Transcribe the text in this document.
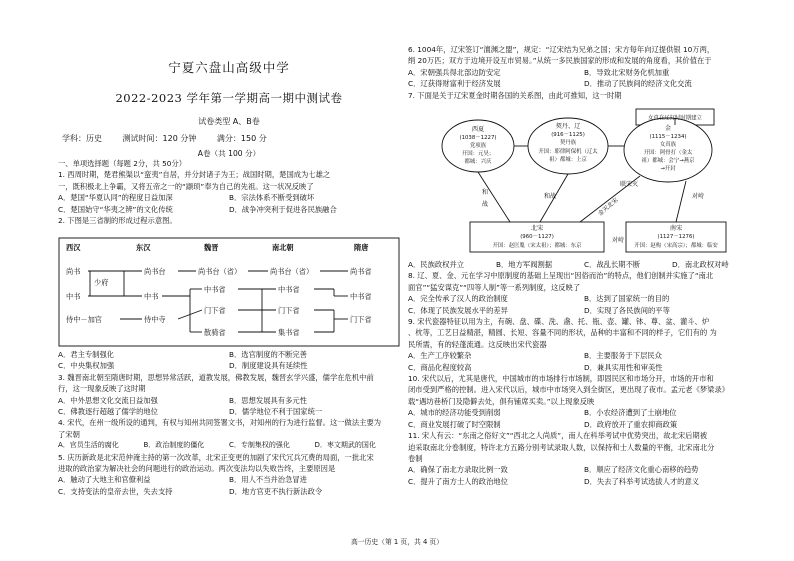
宁夏六盘山高级中学
2022-2023 学年第一学期高一期中测试卷
试卷类型 A、B卷
学科：历史	测试时间：120 分钟	满分：150 分
A卷（共 100 分）
一、单项选择题（每题 2分，共 50分）
1. 西周时期，楚君熊渠以“蛮夷”自居，并分封诸子为王；战国时期，楚国成为七雄之
一，既积极北上争霸，又将五帝之一的“颛顼”奉为自己的先祖。这一状况反映了
A．楚国“华夏认同”的程度日益加深	B．宗法体系不断受到破坏
C．楚国始守“华夷之辨”的文化传统	D．战争冲突利于促进各民族融合
2. 下图是三省制的形成过程示意图。
西汉	东汉	魏晋	南北朝	隋唐
尚书
少府
中书
侍中－加官
尚书台
中书
侍中寺
尚书台（省）
中书省
门下省
散骑省
尚书台（省）
中书省
门下省
集书省
尚书省
中书省
门下省
A．君主专制强化	B．选官制度的不断完善
C．中央集权加强	D．制度建设具有延续性
3. 魏晋南北朝至隋唐时期，思想异常活跃，道教发展，佛教发展，魏晋玄学兴盛，儒学在危机中前
行，这一现象反映了这时期
A．中外思想文化交流日益加强	B．思想发展具有多元性
C．佛教逐行超越了儒学的地位	D．儒学地位不利于国家统一
4. 宋代，在州一级所设的通判，有权与知州共同签署文书，对知州的行为进行监督。这一做法主要为
了宋朝
A．官员生活的腐化	B．政治制度的僵化	C．专制集权的强化	D．枣文期武的国化
5. 庆历新政是北宋范仲淹主持的第一次改革，北宋正变更的加剧了宋代冗兵冗费的局面，一批北宋
进取的政治家为解决社会的问题进行的政治运动。两次变法均以失败告终，主要原因是
A．触动了大地主和官僚利益	B．用人不当并治急冒进
C．支持变法的皇帝去世，失去支持	D．地方官吏不执行新法政令
6. 1004年，辽宋签订“澶渊之盟”，规定：“辽宋结为兄弟之国；宋方每年向辽提供银 10万两，
绢 20万匹；双方于边境开设互市贸易。”从统一多民族国家的形成和发展的角度看，其价值在于
A．宋朝强兵得北部边防安定	B．导致北宋财务化机加重
C．辽获得财富利于经济发展	D．推动了民族间的经济文化交流
7. 下面是关于辽宋夏金时期各国的关系图，由此可推知，这一时期
女真在辽打时时期建立
西夏
(1038－1227)
党项族
开国：元昊；
都城：兴庆
契丹、辽
(916－1125)
契丹族
开国：耶律阿保机（辽太
祖）都城：上京
金
(1115－1234)
女真族
开国：阿骨打（金太
祖）都城：会宁→燕京
→开封
北宋
(960－1127)
开国：赵匡胤（宋太祖）；都城：东京
南宋
(1127－1276)
开国：赵构（宋高宗）；都城：临安
和
战
和战
金灭北宋
联宋灭
对峙
对峙
A．民族政权并立	B．地方军阀割据	C．战乱长期不断	D．南北政权对峙
8. 辽、夏、金、元在学习中原制度的基础上呈现出“因俗而治”的特点，他们创制并实施了“南北
面官”“猛安谋克”“四等人制”等一系列制度，这反映了
A．完全传承了汉人的政治制度	B．达到了国家统一的目的
C．体现了民族发展水平的差异	D．实现了各民族间的平等
9. 宋代瓷器特征以用为主，有碗、盘、碟、洗、盏、托、瓶、壶、罐、钵、尊、盆、灌斗、炉
、枕等，工艺日益精湛，精圆、长短、容量不同的形状，品种的丰富和不同的样子，它们有的 为
民所需，有的轻蓬流通。这反映出宋代瓷器
A．生产工序较繁杂	B．主要服务于下层民众
C．商品化程度较高	D．兼具实用性和审美性
10. 宋代以后，尤其是唐代，中国城市的市场排行市场制，即固民区和市场分开，市场的开市和
闭市受到严格的控制。进入宋代以后，城市中市场突入到全街区，更出现了夜市。孟元老《梦梁录》
载“遇坊巷桥门及隐僻去处，俱有铺席买卖。”以上现象反映
A．城市的经济功能受到削弱	B．小农经济遭到了土崩地位
C．商业发展打破了时空限制	D．政府放开了重农抑商政策
11. 宋人有云：“东南之俗好文”“西北之人尚质”，南人在科举考试中优势突出，故北宋后期被
迫采取南北分卷制度，特许北方五路分别考试录取人数，以保持和士人数量的平衡，北宋南北分
卷制
A．确保了南北方录取比例一致	B．顺应了经济文化重心南移的趋势
C．提升了南方士人的政治地位	D．失去了科举考试选拔人才的意义
高一历史（第 1 页，共 4 页）
